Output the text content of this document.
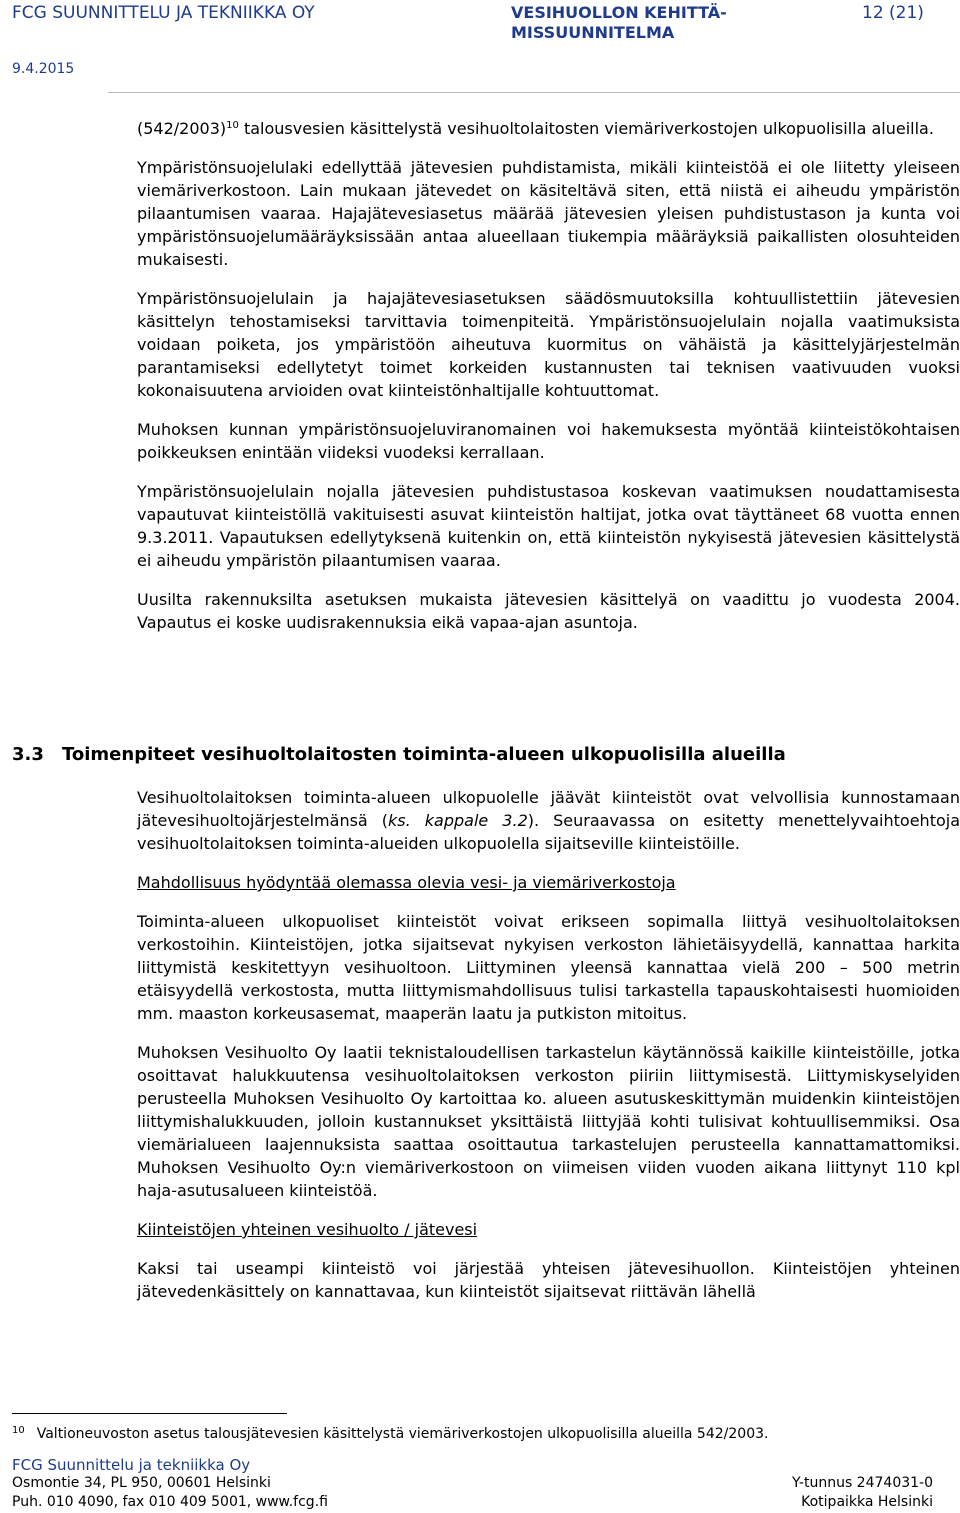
FCG SUUNNITTELU JA TEKNIIKKA OY	VESIHUOLLON KEHITTÄ-MISSUUNNITELMA
12 (21)
9.4.2015

$(542/2003)^{10}$ talousvesien käsittelystä vesihuoltolaitosten viemäriverkostojen ulkopuolisilla alueilla.

Ympäristönsuojelulaki edellyttää jätevesien puhdistamista, mikäli kiinteistöä ei ole liitetty yleiseen viemäriverkostoon. Lain mukaan jätevedet on käsiteltävä siten, että niistä ei aiheudu ympäristön pilaantumisen vaaraa. Hajajätevesiasetus määrää jätevesien yleisen puhdistustason ja kunta voi ympäristönsuojelumääräyksissään antaa alueellaan tiukempia määräyksiä paikallisten olosuhteiden mukaisesti.

Ympäristönsuojelulain ja hajajätevesiasetuksen säädösmuutoksilla kohtuullistettiin jätevesien käsittelyn tehostamiseksi tarvittavia toimenpiteitä. Ympäristönsuojelulain nojalla vaatimuksista voidaan poiketa, jos ympäristöön aiheutuva kuormitus on vähäistä ja käsittelyjärjestelmän parantamiseksi edellytetyt toimet korkeiden kustannusten tai teknisen vaativuuden vuoksi kokonaisuutena arvioiden ovat kiinteistönhaltijalle kohtuuttomat.

Muhoksen kunnan ympäristönsuojeluviranomainen voi hakemuksesta myöntää kiinteistökohtaisen poikkeuksen enintään viideksi vuodeksi kerrallaan.

Ympäristönsuojelulain nojalla jätevesien puhdistustasoa koskevan vaatimuksen noudattamisesta vapautuvat kiinteistöllä vakituisesti asuvat kiinteistön haltijat, jotka ovat täyttäneet 68 vuotta ennen 9.3.2011. Vapautuksen edellytyksenä kuitenkin on, että kiinteistön nykyisestä jätevesien käsittelystä ei aiheudu ympäristön pilaantumisen vaaraa.

Uusilta rakennuksilta asetuksen mukaista jätevesien käsittelyä on vaadittu jo vuodesta 2004. Vapautus ei koske uudisrakennuksia eikä vapaa-ajan asuntoja.

3.3 Toimenpiteet vesihuoltolaitosten toiminta-alueen ulkopuolisilla alueilla

Vesihuoltolaitoksen toiminta-alueen ulkopuolelle jäävät kiinteistöt ovat velvollisia kunnostamaan jätevesihuoltojärjestelmänsä (ks. kappale 3.2). Seuraavassa on esitetty menettelyvaihtoehtoja vesihuoltolaitoksen toiminta-alueiden ulkopuolella sijaitseville kiinteistöille.

Mahdollisuus hyödyntää olemassa olevia vesi- ja viemäriverkostoja

Toiminta-alueen ulkopuoliset kiinteistöt voivat erikseen sopimalla liittyä vesihuoltolaitoksen verkostoihin. Kiinteistöjen, jotka sijaitsevat nykyisen verkoston lähietäisyydellä, kannattaa harkita liittymistä keskitettyyn vesihuoltoon. Liittyminen yleensä kannattaa vielä 200 – 500 metrin etäisyydellä verkostosta, mutta liittymismahdollisuus tulisi tarkastella tapauskohtaisesti huomioiden mm. maaston korkeusasemat, maaperän laatu ja putkiston mitoitus.

Muhoksen Vesihuolto Oy laatii teknistaloudellisen tarkastelun käytännössä kaikille kiinteistöille, jotka osoittavat halukkuutensa vesihuoltolaitoksen verkoston piiriin liittymisestä. Liittymiskyselyiden perusteella Muhoksen Vesihuolto Oy kartoittaa ko. alueen asutuskeskittymän muidenkin kiinteistöjen liittymishalukkuuden, jolloin kustannukset yksittäistä liittyjää kohti tulisivat kohtuullisemmiksi. Osa viemärialueen laajennuksista saattaa osoittautua tarkastelujen perusteella kannattamattomiksi. Muhoksen Vesihuolto Oy:n viemäriverkostoon on viimeisen viiden vuoden aikana liittynyt 110 kpl haja-asutusalueen kiinteistöä.

Kiinteistöjen yhteinen vesihuolto / jätevesi

Kaksi tai useampi kiinteistö voi järjestää yhteisen jätevesihuollon. Kiinteistöjen yhteinen jätevedenkäsittely on kannattavaa, kun kiinteistöt sijaitsevat riittävän lähellä

$^{10}$ Valtioneuvoston asetus talousjätevesien käsittelystä viemäriverkostojen ulkopuolisilla alueilla 542/2003.
FCG Suunnittelu ja tekniikka Oy
Osmontie 34, PL 950, 00601 Helsinki
Puh. 010 4090, fax 010 409 5001, www.fcg.fi
Y-tunnus 2474031-0
Kotipaikka Helsinki
